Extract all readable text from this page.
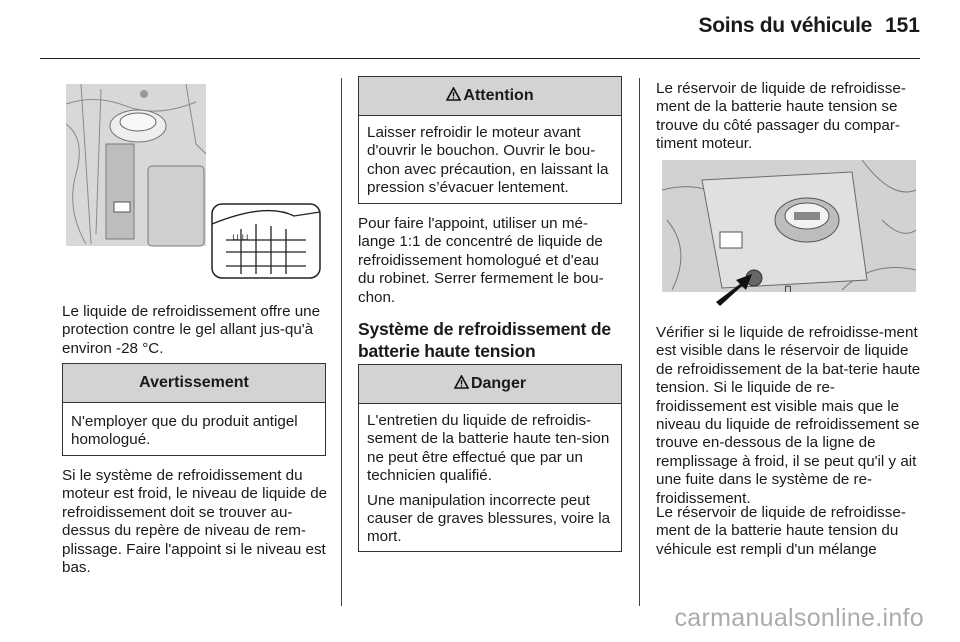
Soins du véhicule 151
⊔ ⊔

Le liquide de refroidissement offre une protection contre le gel allant jus-qu'à environ -28 °C.

Avertissement

N'employer que du produit antigel homologué.

Si le système de refroidissement du moteur est froid, le niveau de liquide de refroidissement doit se trouver au-dessus du repère de niveau de rem-plissage. Faire l'appoint si le niveau est bas.

Attention

Laisser refroidir le moteur avant d'ouvrir le bouchon. Ouvrir le bou-chon avec précaution, en laissant la pression s’évacuer lentement.

Pour faire l'appoint, utiliser un mé-lange 1:1 de concentré de liquide de refroidissement homologué et d'eau du robinet. Serrer fermement le bou-chon.

Système de refroidissement de batterie haute tension
Danger

L'entretien du liquide de refroidis-sement de la batterie haute ten-sion ne peut être effectué que par un technicien qualifié.

Une manipulation incorrecte peut causer de graves blessures, voire la mort.

Le réservoir de liquide de refroidisse-ment de la batterie haute tension se trouve du côté passager du compar-timent moteur.

⊓

Vérifier si le liquide de refroidisse-ment est visible dans le réservoir de liquide de refroidissement de la bat-terie haute tension. Si le liquide de re-froidissement est visible mais que le niveau du liquide de refroidissement se trouve en-dessous de la ligne de remplissage à froid, il se peut qu'il y ait une fuite dans le système de re-froidissement.

Le réservoir de liquide de refroidisse-ment de la batterie haute tension du véhicule est rempli d'un mélange

carmanualsonline.info
